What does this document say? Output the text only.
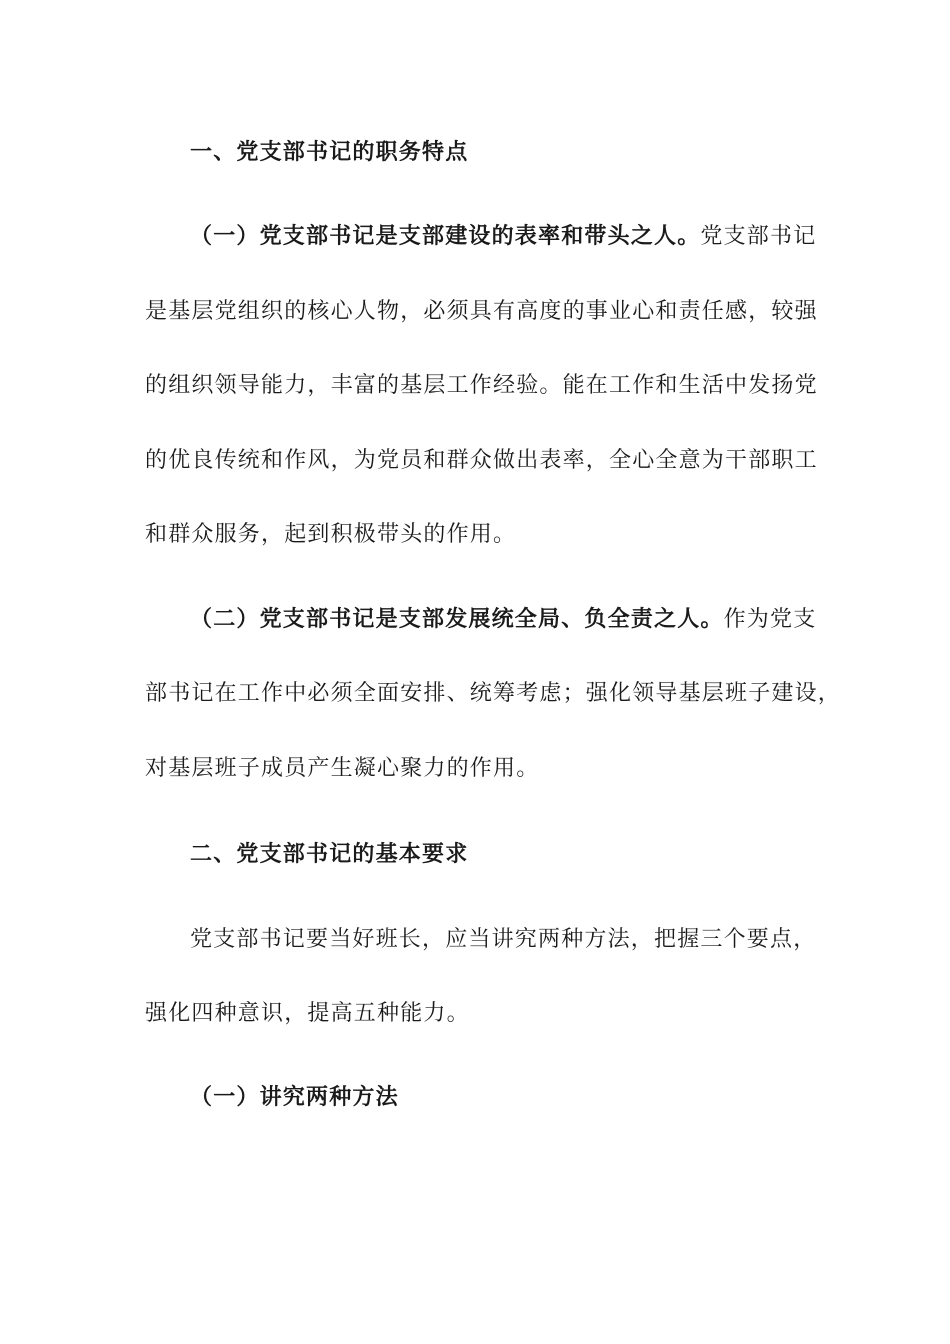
一、党支部书记的职务特点
（一）党支部书记是支部建设的表率和带头之人。党支部书记
是基层党组织的核心人物，必须具有高度的事业心和责任感，较强
的组织领导能力，丰富的基层工作经验。能在工作和生活中发扬党
的优良传统和作风，为党员和群众做出表率，全心全意为干部职工
和群众服务，起到积极带头的作用。
（二）党支部书记是支部发展统全局、负全责之人。作为党支
部书记在工作中必须全面安排、统筹考虑；强化领导基层班子建设，
对基层班子成员产生凝心聚力的作用。
二、党支部书记的基本要求
党支部书记要当好班长，应当讲究两种方法，把握三个要点，
强化四种意识，提高五种能力。
（一）讲究两种方法
